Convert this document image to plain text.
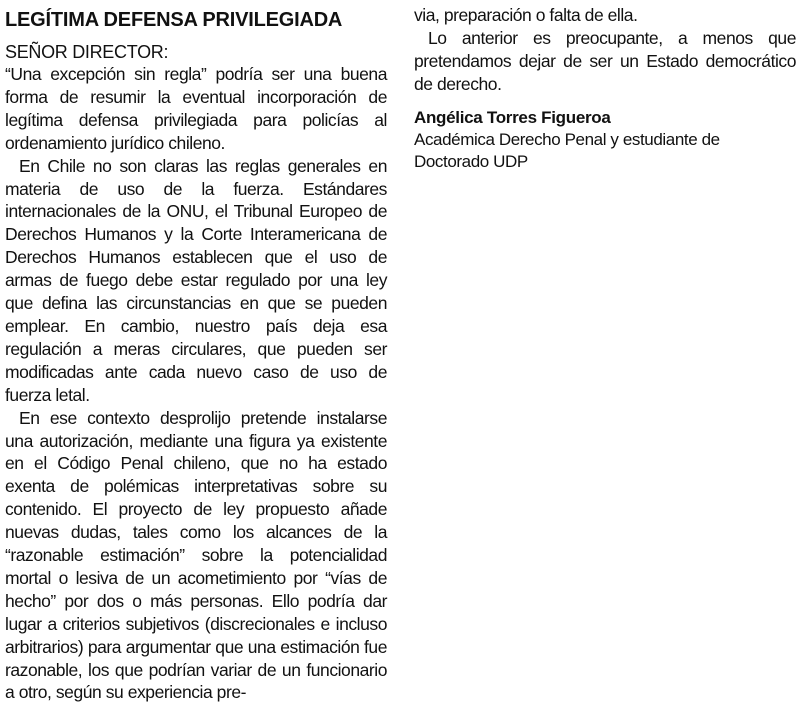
LEGÍTIMA DEFENSA PRIVILEGIADA

SEÑOR DIRECTOR:

“Una excepción sin regla” podría ser una buena forma de resumir la eventual incorporación de legítima defensa privilegiada para policías al ordenamiento jurídico chileno.

En Chile no son claras las reglas generales en materia de uso de la fuerza. Estándares internacionales de la ONU, el Tribunal Europeo de Derechos Humanos y la Corte Interamericana de Derechos Humanos establecen que el uso de armas de fuego debe estar regulado por una ley que defina las circunstancias en que se pueden emplear. En cambio, nuestro país deja esa regulación a meras circulares, que pueden ser modificadas ante cada nuevo caso de uso de fuerza letal.

En ese contexto desprolijo pretende instalarse una autorización, mediante una figura ya existente en el Código Penal chileno, que no ha estado exenta de polémicas interpretativas sobre su contenido. El proyecto de ley propuesto añade nuevas dudas, tales como los alcances de la “razonable estimación” sobre la potencialidad mortal o lesiva de un acometimiento por “vías de hecho” por dos o más personas. Ello podría dar lugar a criterios subjetivos (discrecionales e incluso arbitrarios) para argumentar que una estimación fue razonable, los que podrían variar de un funcionario a otro, según su experiencia pre-

via, preparación o falta de ella.

Lo anterior es preocupante, a menos que pretendamos dejar de ser un Estado democrático de derecho.

Angélica Torres Figueroa

Académica Derecho Penal y estudiante de Doctorado UDP
